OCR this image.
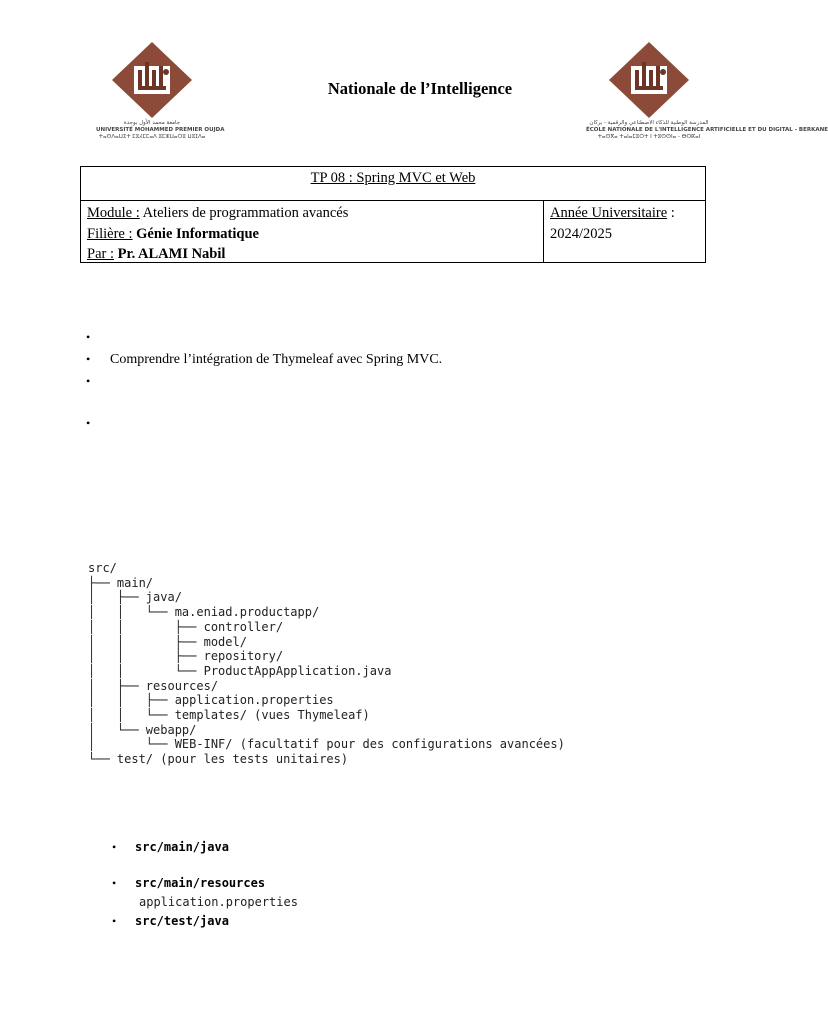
جامعة محمد الأول بوجدة
UNIVERSITÉ MOHAMMED PREMIER OUJDA
ⵜⴰⵙⴷⴰⵡⵉⵜ ⵎⵓⵃⵎⵎⴰⴷ ⵓⵎⵣⵡⴰⵔⵓ ⵡⵓⵊⴷⴰ
Nationale de l’Intelligence
المدرسة الوطنية للذكاء الاصطناعي والرقمية - بركان
ÉCOLE NATIONALE DE L'INTELLIGENCE ARTIFICIELLE ET DU DIGITAL - BERKANE
ⵜⴰⵙⴳⴰ ⵜⴰⵏⴰⵎⵓⵔⵜ ⵏ ⵜⵓⵙⵙⵏⴰ - ⴱⵔⴽⴰⵏ
TP 08 : Spring MVC et Web
Module : Ateliers de programmation avancés
Filière : Génie Informatique
Par : Pr. ALAMI Nabil
Année Universitaire :
2024/2025
•
• Comprendre l’intégration de Thymeleaf avec Spring MVC.
•
•
src/
├── main/
│   ├── java/
│   │   └── ma.eniad.productapp/
│   │       ├── controller/
│   │       ├── model/
│   │       ├── repository/
│   │       └── ProductAppApplication.java
│   ├── resources/
│   │   ├── application.properties
│   │   └── templates/ (vues Thymeleaf)
│   └── webapp/
│       └── WEB-INF/ (facultatif pour des configurations avancées)
└── test/ (pour les tests unitaires)
• src/main/java
• src/main/resources
application.properties
• src/test/java
